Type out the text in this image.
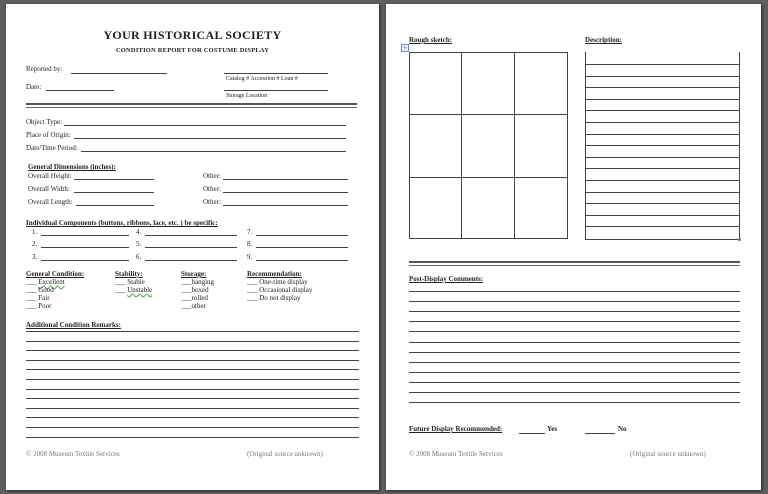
YOUR HISTORICAL SOCIETY
CONDITION REPORT FOR COSTUME DISPLAY
Reported by:
Date:
Catalog # Accession # Loan #
Storage Location
Object Type:
Place of Origin:
Date/Time Period:
General Dimensions (inches):
Overall Height:	Other:
Overall Width:	Other:
Overall Length:	Other:
Individual Components (buttons, ribbons, lace, etc. ) be specific:
1.
2.
3.
4.
5.
6.
7.
8.
9.
General Condition:
___ Excellent
___ Good
___ Fair
___ Poor
Stability:
___ Stable
___ Unstable
Storage:
___hanging
___boxed
___rolled
___other
Recommendation:
___ One-time display
___ Occasional display
___ Do not display
Additional Condition Remarks:
© 2008 Museum Textile Services	(Original source unknown)
Rough sketch:	Description:
+
Post-Display Comments:
Future Display Recommended:	Yes	No
© 2008 Museum Textile Services	(Original source unknown)
